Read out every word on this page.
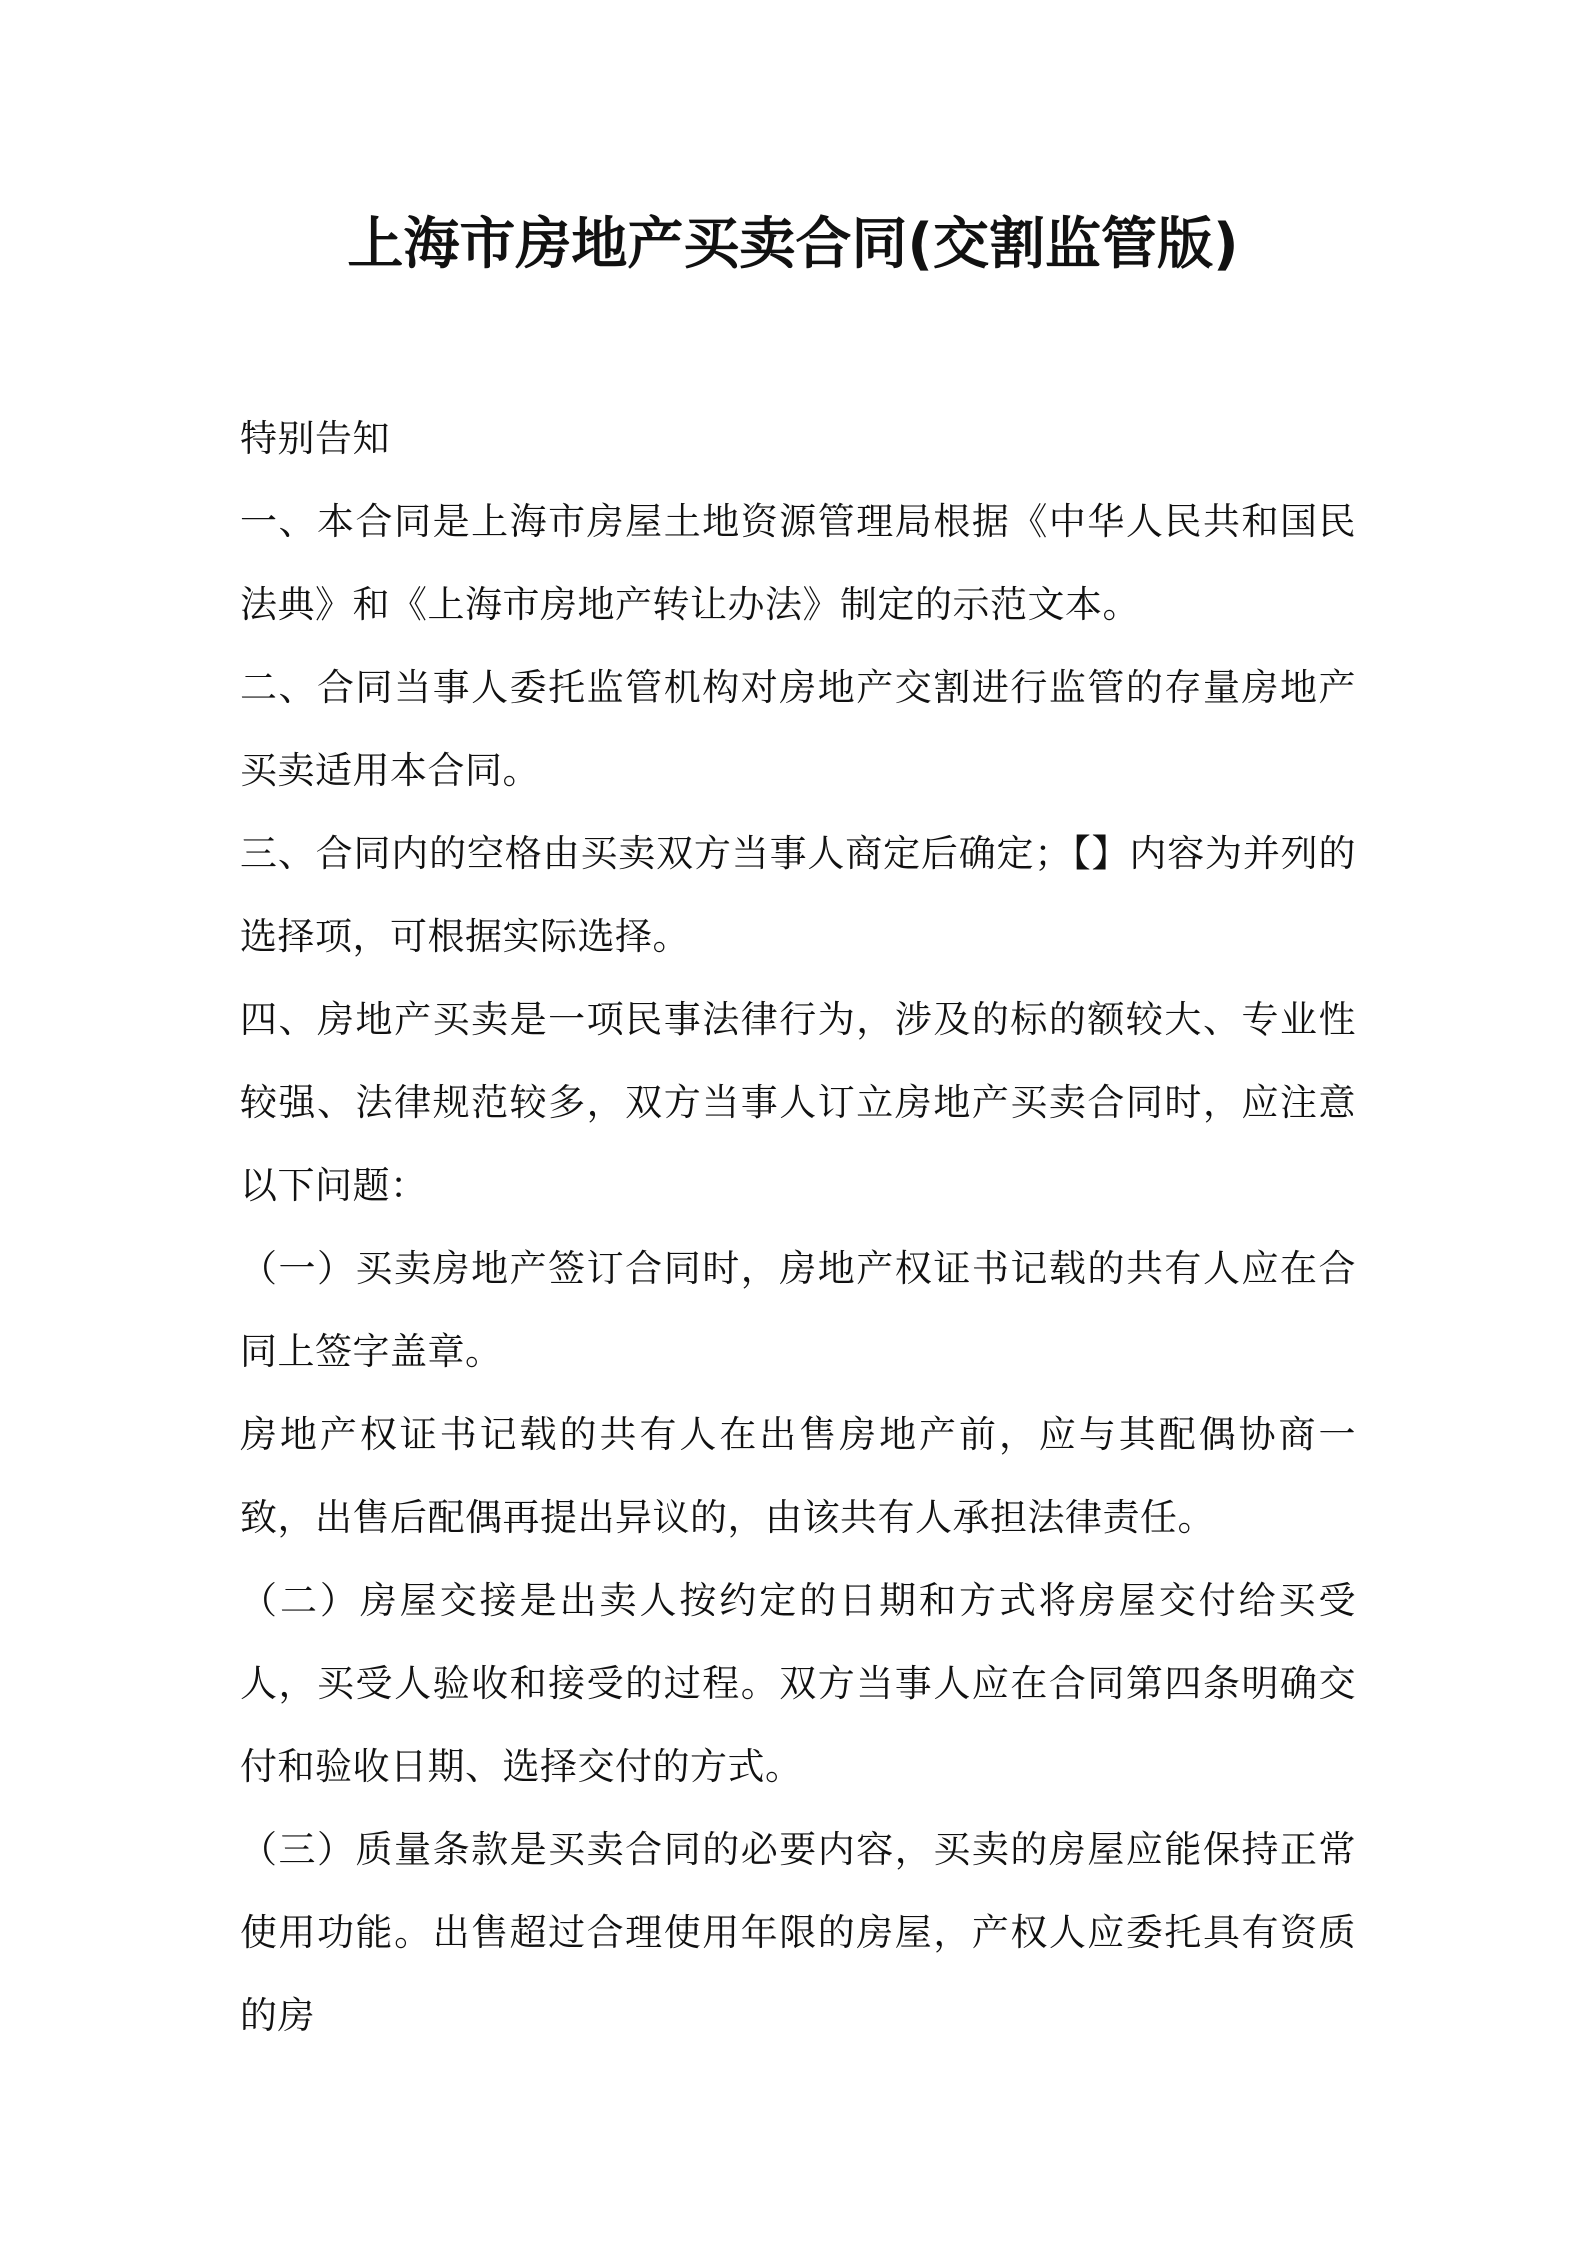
上海市房地产买卖合同(交割监管版)

特别告知

一、本合同是上海市房屋土地资源管理局根据《中华人民共和国民法典》和《上海市房地产转让办法》制定的示范文本。

二、合同当事人委托监管机构对房地产交割进行监管的存量房地产买卖适用本合同。

三、合同内的空格由买卖双方当事人商定后确定；【】内容为并列的选择项，可根据实际选择。

四、房地产买卖是一项民事法律行为，涉及的标的额较大、专业性较强、法律规范较多，双方当事人订立房地产买卖合同时，应注意以下问题：

（一）买卖房地产签订合同时，房地产权证书记载的共有人应在合同上签字盖章。

房地产权证书记载的共有人在出售房地产前，应与其配偶协商一致，出售后配偶再提出异议的，由该共有人承担法律责任。

（二）房屋交接是出卖人按约定的日期和方式将房屋交付给买受人，买受人验收和接受的过程。双方当事人应在合同第四条明确交付和验收日期、选择交付的方式。

（三）质量条款是买卖合同的必要内容，买卖的房屋应能保持正常使用功能。出售超过合理使用年限的房屋，产权人应委托具有资质的房
